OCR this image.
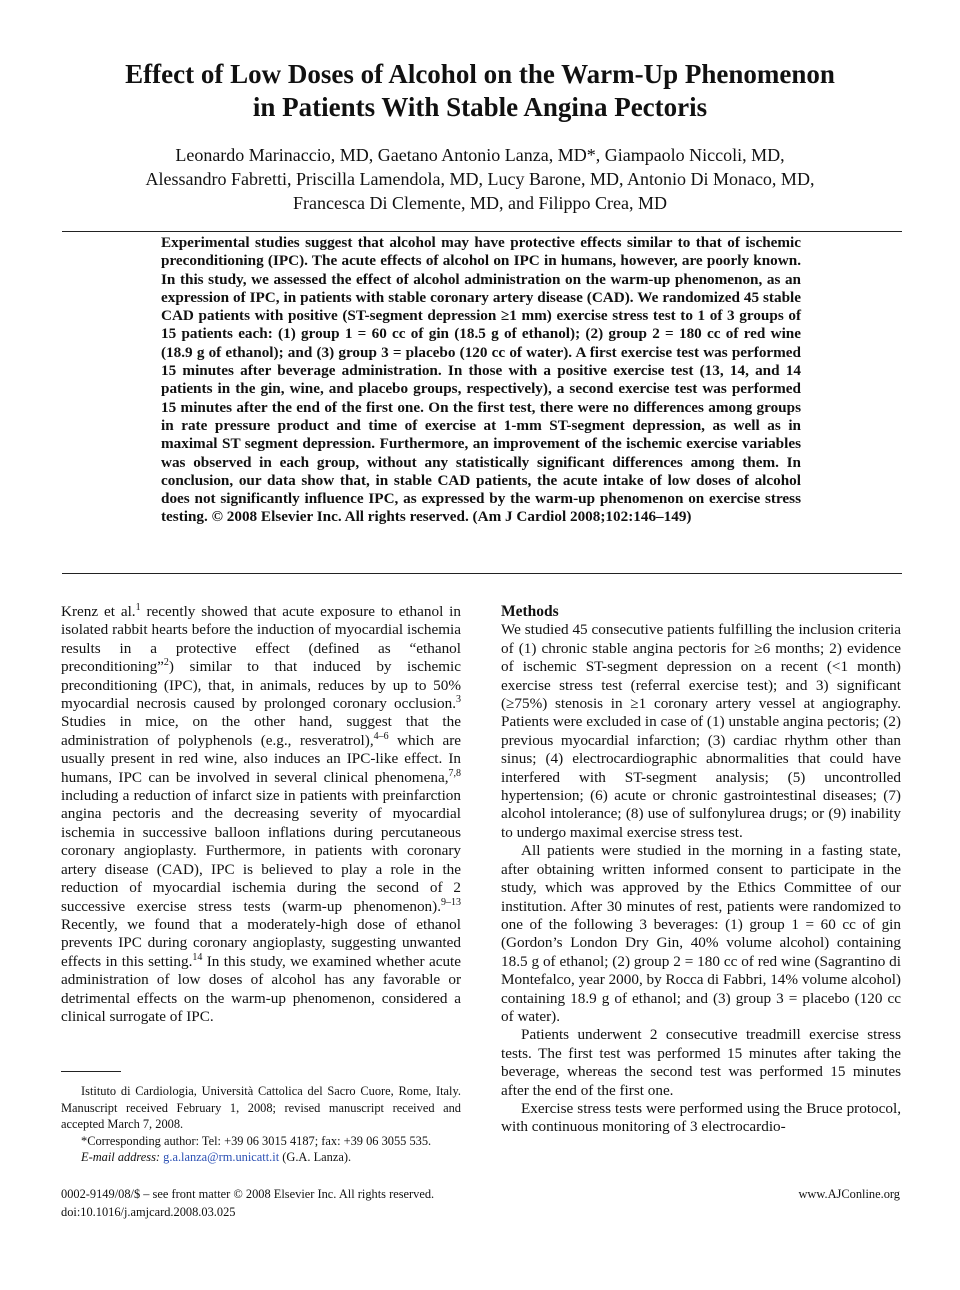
Effect of Low Doses of Alcohol on the Warm-Up Phenomenon
in Patients With Stable Angina Pectoris
Leonardo Marinaccio, MD, Gaetano Antonio Lanza, MD*, Giampaolo Niccoli, MD,
Alessandro Fabretti, Priscilla Lamendola, MD, Lucy Barone, MD, Antonio Di Monaco, MD,
Francesca Di Clemente, MD, and Filippo Crea, MD
Experimental studies suggest that alcohol may have protective effects similar to that of ischemic preconditioning (IPC). The acute effects of alcohol on IPC in humans, however, are poorly known. In this study, we assessed the effect of alcohol administration on the warm-up phenomenon, as an expression of IPC, in patients with stable coronary artery disease (CAD). We randomized 45 stable CAD patients with positive (ST-segment depression ≥1 mm) exercise stress test to 1 of 3 groups of 15 patients each: (1) group 1 = 60 cc of gin (18.5 g of ethanol); (2) group 2 = 180 cc of red wine (18.9 g of ethanol); and (3) group 3 = placebo (120 cc of water). A first exercise test was performed 15 minutes after beverage administration. In those with a positive exercise test (13, 14, and 14 patients in the gin, wine, and placebo groups, respectively), a second exercise test was performed 15 minutes after the end of the first one. On the first test, there were no differences among groups in rate pressure product and time of exercise at 1-mm ST-segment depression, as well as in maximal ST segment depression. Furthermore, an improvement of the ischemic exercise variables was observed in each group, without any statistically significant differences among them. In conclusion, our data show that, in stable CAD patients, the acute intake of low doses of alcohol does not significantly influence IPC, as expressed by the warm-up phenomenon on exercise stress testing. © 2008 Elsevier Inc. All rights reserved. (Am J Cardiol 2008;102:146–149)

Krenz et al.$^1$ recently showed that acute exposure to ethanol in isolated rabbit hearts before the induction of myocardial ischemia results in a protective effect (defined as “ethanol preconditioning”$^2$) similar to that induced by ischemic preconditioning (IPC), that, in animals, reduces by up to 50% myocardial necrosis caused by prolonged coronary occlusion.$^3$ Studies in mice, on the other hand, suggest that the administration of polyphenols (e.g., resveratrol),$^{4-6}$ which are usually present in red wine, also induces an IPC-like effect. In humans, IPC can be involved in several clinical phenomena,$^{7,8}$ including a reduction of infarct size in patients with preinfarction angina pectoris and the decreasing severity of myocardial ischemia in successive balloon inflations during percutaneous coronary angioplasty. Furthermore, in patients with coronary artery disease (CAD), IPC is believed to play a role in the reduction of myocardial ischemia during the second of 2 successive exercise stress tests (warm-up phenomenon).$^{9-13}$ Recently, we found that a moderately-high dose of ethanol prevents IPC during coronary angioplasty, suggesting unwanted effects in this setting.$^{14}$ In this study, we examined whether acute administration of low doses of alcohol has any favorable or detrimental effects on the warm-up phenomenon, considered a clinical surrogate of IPC.

Istituto di Cardiologia, Università Cattolica del Sacro Cuore, Rome, Italy. Manuscript received February 1, 2008; revised manuscript received and accepted March 7, 2008.

*Corresponding author: Tel: +39 06 3015 4187; fax: +39 06 3055 535.

E-mail address: g.a.lanza@rm.unicatt.it (G.A. Lanza).

Methods

We studied 45 consecutive patients fulfilling the inclusion criteria of (1) chronic stable angina pectoris for ≥6 months; 2) evidence of ischemic ST-segment depression on a recent (<1 month) exercise stress test (referral exercise test); and 3) significant (≥75%) stenosis in ≥1 coronary artery vessel at angiography. Patients were excluded in case of (1) unstable angina pectoris; (2) previous myocardial infarction; (3) cardiac rhythm other than sinus; (4) electrocardiographic abnormalities that could have interfered with ST-segment analysis; (5) uncontrolled hypertension; (6) acute or chronic gastrointestinal diseases; (7) alcohol intolerance; (8) use of sulfonylurea drugs; or (9) inability to undergo maximal exercise stress test.

All patients were studied in the morning in a fasting state, after obtaining written informed consent to participate in the study, which was approved by the Ethics Committee of our institution. After 30 minutes of rest, patients were randomized to one of the following 3 beverages: (1) group 1 = 60 cc of gin (Gordon’s London Dry Gin, 40% volume alcohol) containing 18.5 g of ethanol; (2) group 2 = 180 cc of red wine (Sagrantino di Montefalco, year 2000, by Rocca di Fabbri, 14% volume alcohol) containing 18.9 g of ethanol; and (3) group 3 = placebo (120 cc of water).

Patients underwent 2 consecutive treadmill exercise stress tests. The first test was performed 15 minutes after taking the beverage, whereas the second test was performed 15 minutes after the end of the first one.

Exercise stress tests were performed using the Bruce protocol, with continuous monitoring of 3 electrocardio-

0002-9149/08/$ – see front matter © 2008 Elsevier Inc. All rights reserved.
doi:10.1016/j.amjcard.2008.03.025
www.AJConline.org
